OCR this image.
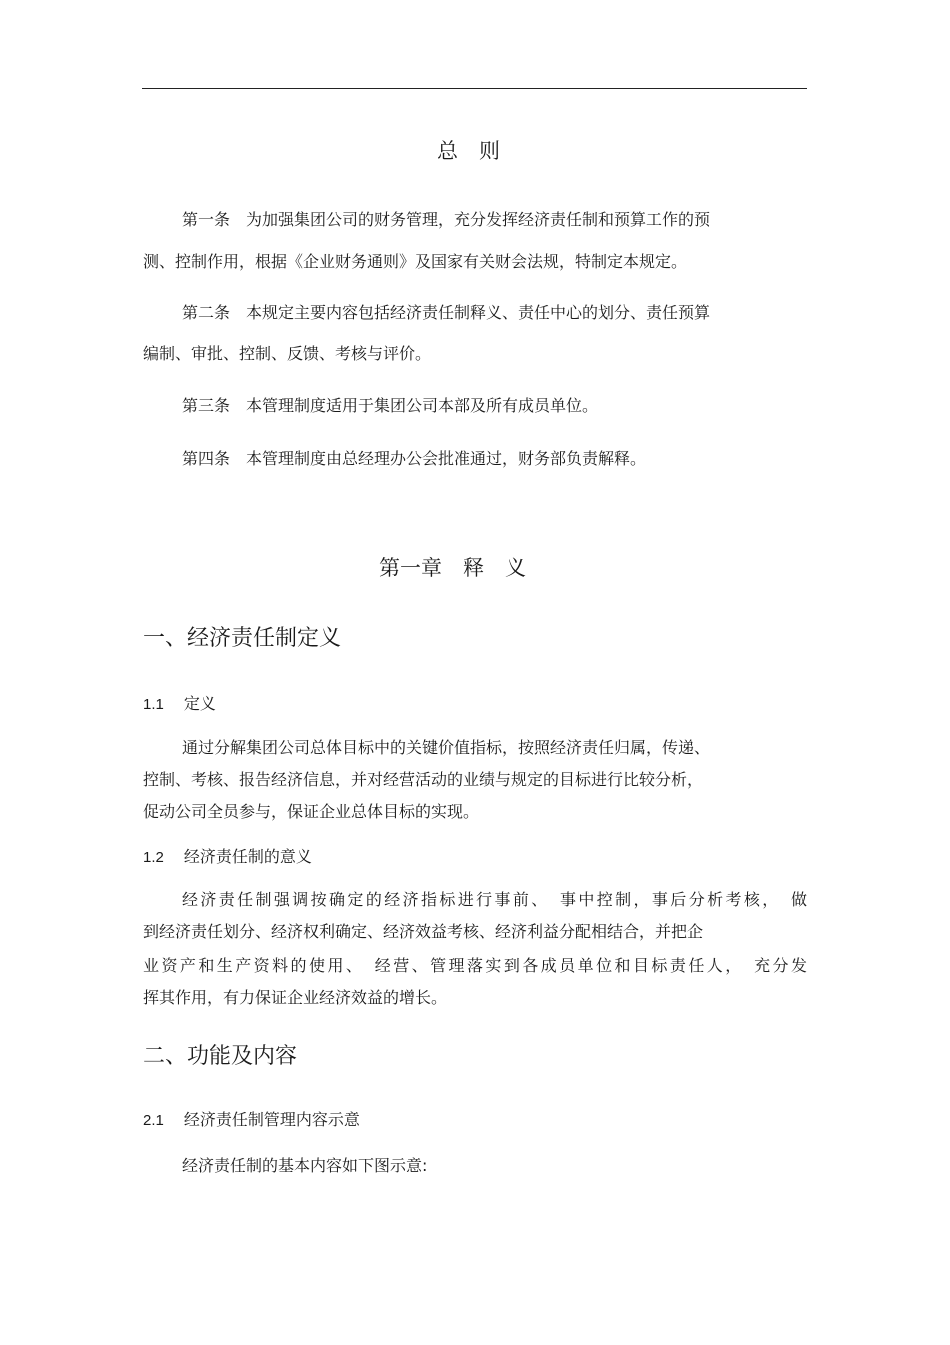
总　则
第一条　为加强集团公司的财务管理，充分发挥经济责任制和预算工作的预
测、控制作用，根据《企业财务通则》及国家有关财会法规，特制定本规定。
第二条　本规定主要内容包括经济责任制释义、责任中心的划分、责任预算
编制、审批、控制、反馈、考核与评价。
第三条　本管理制度适用于集团公司本部及所有成员单位。
第四条　本管理制度由总经理办公会批准通过，财务部负责解释。
第一章　释　义
一、经济责任制定义
1.1 定义
通过分解集团公司总体目标中的关键价值指标，按照经济责任归属，传递、
控制、考核、报告经济信息，并对经营活动的业绩与规定的目标进行比较分析，
促动公司全员参与，保证企业总体目标的实现。
1.2 经济责任制的意义
经济责任制强调按确定的经济指标进行事前、　事中控制，事后分析考核，　做
到经济责任划分、经济权利确定、经济效益考核、经济利益分配相结合，并把企
业资产和生产资料的使用、　经营、管理落实到各成员单位和目标责任人，　充分发
挥其作用，有力保证企业经济效益的增长。
二、功能及内容
2.1 经济责任制管理内容示意
经济责任制的基本内容如下图示意:
